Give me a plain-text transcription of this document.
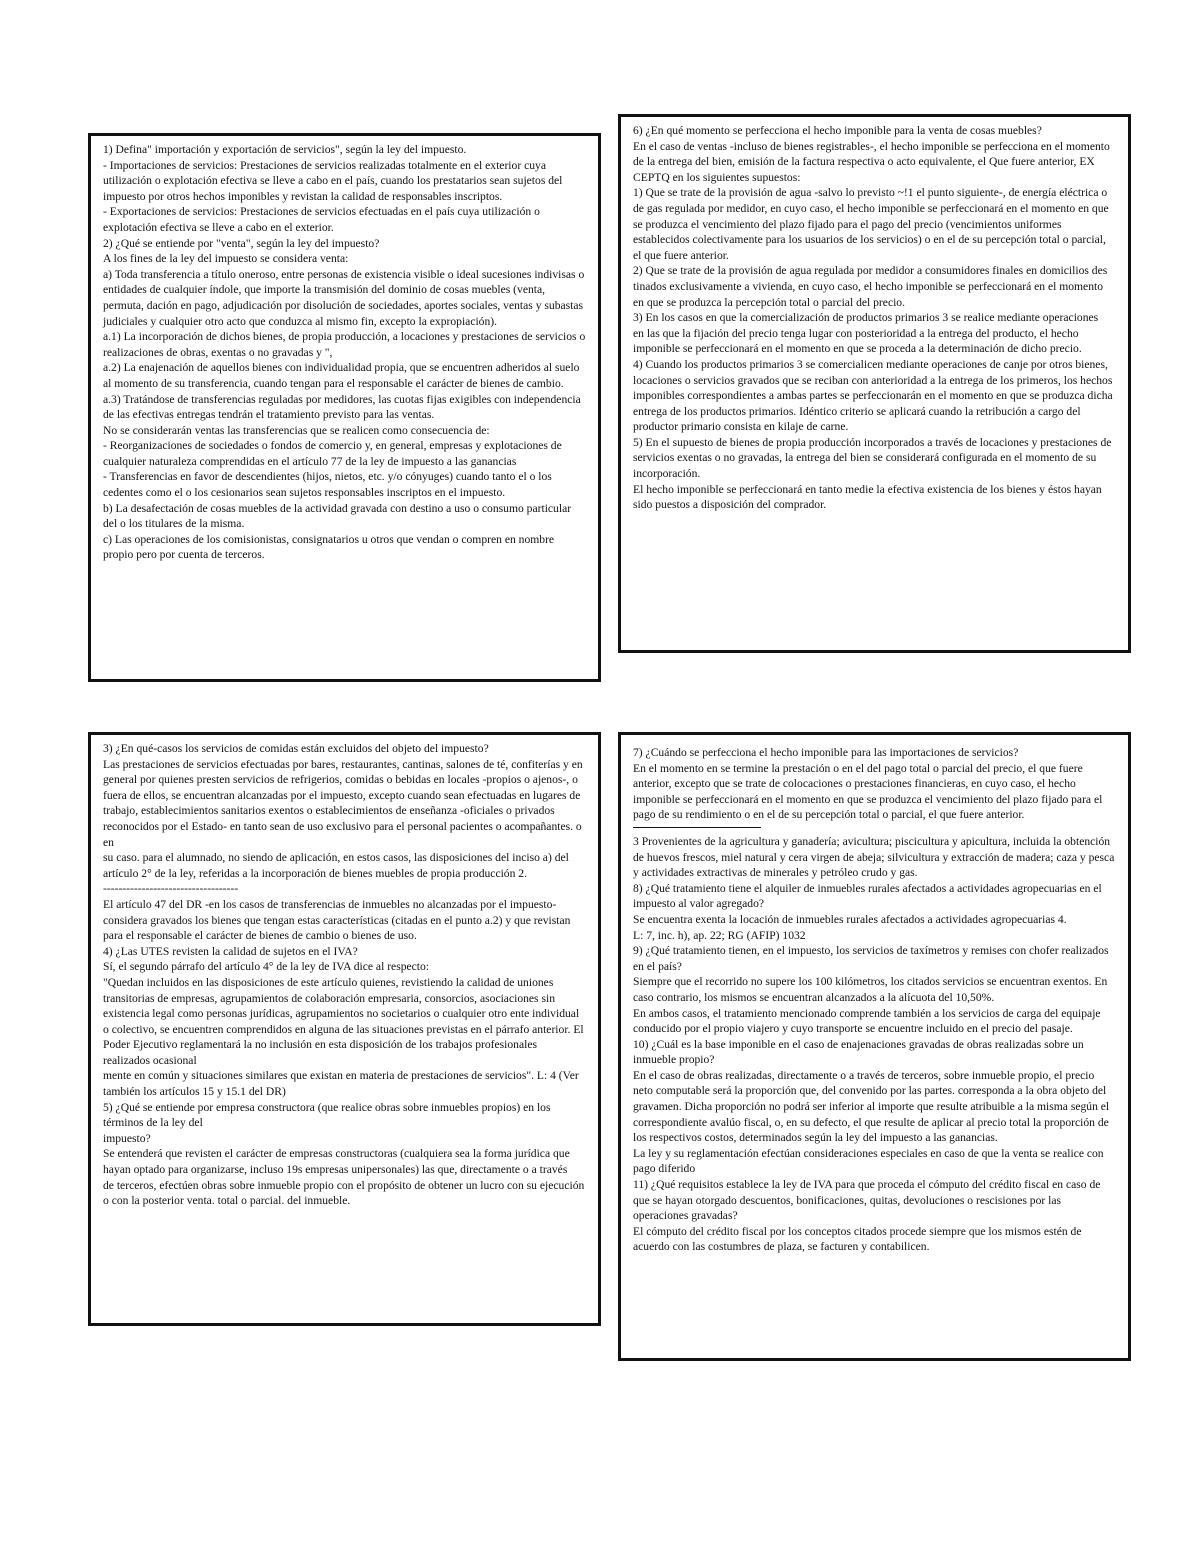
1) Defina" importación y exportación de servicios", según la ley del impuesto.

- Importaciones de servicios: Prestaciones de servicios realizadas totalmente en el exterior cuya utilización o explotación efectiva se lleve a cabo en el país, cuando los prestatarios sean sujetos del impuesto por otros hechos imponibles y revistan la calidad de responsables inscriptos.

- Exportaciones de servicios: Prestaciones de servicios efectuadas en el país cuya utilización o explotación efectiva se lleve a cabo en el exterior.

2) ¿Qué se entiende por "venta", según la ley del impuesto?

A los fines de la ley del impuesto se considera venta:

a) Toda transferencia a título oneroso, entre personas de existencia visible o ideal sucesiones indivisas o entidades de cualquier índole, que importe la transmisión del dominio de cosas muebles (venta, permuta, dación en pago, adjudicación por disolución de sociedades, aportes sociales, ventas y subastas judiciales y cualquier otro acto que conduzca al mismo fin, excepto la expropiación).

a.1) La incorporación de dichos bienes, de propia producción, a locaciones y prestaciones de servicios o realizaciones de obras, exentas o no gravadas y ",

a.2) La enajenación de aquellos bienes con individualidad propia, que se encuentren adheridos al suelo al momento de su transferencia, cuando tengan para el responsable el carácter de bienes de cambio.

a.3) Tratándose de transferencias reguladas por medidores, las cuotas fijas exigibles con independencia de las efectivas entregas tendrán el tratamiento previsto para las ventas.

No se considerarán ventas las transferencias que se realicen como consecuencia de:

- Reorganizaciones de sociedades o fondos de comercio y, en general, empresas y explotaciones de cualquier naturaleza comprendidas en el artículo 77 de la ley de impuesto a las ganancias

- Transferencias en favor de descendientes (hijos, nietos, etc. y/o cónyuges) cuando tanto el o los cedentes como el o los cesionarios sean sujetos responsables inscriptos en el impuesto.

b) La desafectación de cosas muebles de la actividad gravada con destino a uso o consumo particular del o los titulares de la misma.

c) Las operaciones de los comisionistas, consignatarios u otros que vendan o compren en nombre propio pero por cuenta de terceros.

6) ¿En qué momento se perfecciona el hecho imponible para la venta de cosas muebles?

En el caso de ventas -incluso de bienes registrables-, el hecho imponible se perfecciona en el momento de la entrega del bien, emisión de la factura respectiva o acto equivalente, el Que fuere anterior, EX

CEPTQ en los siguientes supuestos:

1) Que se trate de la provisión de agua -salvo lo previsto ~!1 el punto siguiente-, de energía eléctrica o de gas regulada por medidor, en cuyo caso, el hecho imponible se perfeccionará en el momento en que se produzca el vencimiento del plazo fijado para el pago del precio (vencimientos uniformes establecidos colectivamente para los usuarios de los servicios) o en el de su percepción total o parcial, el que fuere anterior.

2) Que se trate de la provisión de agua regulada por medidor a consumidores finales en domicilios des
tinados exclusivamente a vivienda, en cuyo caso, el hecho imponible se perfeccionará en el momento
en que se produzca la percepción total o parcial del precio.

3) En los casos en que la comercialización de productos primarios 3 se realice mediante operaciones
en las que la fijación del precio tenga lugar con posterioridad a la entrega del producto, el hecho imponible se perfeccionará en el momento en que se proceda a la determinación de dicho precio.

4) Cuando los productos primarios 3 se comercialicen mediante operaciones de canje por otros bienes, locaciones o servicios gravados que se reciban con anterioridad a la entrega de los primeros, los hechos imponibles correspondientes a ambas partes se perfeccionarán en el momento en que se produzca dicha entrega de los productos primarios. Idéntico criterio se aplicará cuando la retribución a cargo del productor primario consista en kilaje de carne.

5) En el supuesto de bienes de propia producción incorporados a través de locaciones y prestaciones de servicios exentas o no gravadas, la entrega del bien se considerará configurada en el momento de su incorporación.

El hecho imponible se perfeccionará en tanto medie la efectiva existencia de los bienes y éstos hayan sido puestos a disposición del comprador.

3) ¿En qué-casos los servicios de comidas están excluidos del objeto del impuesto?

Las prestaciones de servicios efectuadas por bares, restaurantes, cantinas, salones de té, confiterías y en general por quienes presten servicios de refrigerios, comidas o bebidas en locales -propios o ajenos-, o fuera de ellos, se encuentran alcanzadas por el impuesto, excepto cuando sean efectuadas en lugares de trabajo, establecimientos sanitarios exentos o establecimientos de enseñanza -oficiales o privados reconocidos por el Estado- en tanto sean de uso exclusivo para el personal pacientes o acompañantes. o en
su caso. para el alumnado, no siendo de aplicación, en estos casos, las disposiciones del inciso a) del artículo 2° de la ley, referidas a la incorporación de bienes muebles de propia producción 2.

-----------------------------------

El artículo 47 del DR -en los casos de transferencias de inmuebles no alcanzadas por el impuesto- considera gravados los bienes que tengan estas características (citadas en el punto a.2) y que revistan para el responsable el carácter de bienes de cambio o bienes de uso.

4) ¿Las UTES revisten la calidad de sujetos en el IVA?

Sí, el segundo párrafo del artículo 4° de la ley de IVA dice al respecto:

"Quedan incluidos en las disposiciones de este artículo quienes, revistiendo la calidad de uniones transitorias de empresas, agrupamientos de colaboración empresaria, consorcios, asociaciones sin existencia legal como personas jurídicas, agrupamientos no societarios o cualquier otro ente individual o colectivo, se encuentren comprendidos en alguna de las situaciones previstas en el párrafo anterior. El Poder Ejecutivo reglamentará la no inclusión en esta disposición de los trabajos profesionales realizados ocasional
mente en común y situaciones similares que existan en materia de prestaciones de servicios". L: 4 (Ver también los artículos 15 y 15.1 del DR)

5) ¿Qué se entiende por empresa constructora (que realice obras sobre inmuebles propios) en los términos de la ley del
impuesto?

Se entenderá que revisten el carácter de empresas constructoras (cualquiera sea la forma jurídica que
hayan optado para organizarse, incluso 19s empresas unipersonales) las que, directamente o a través
de terceros, efectúen obras sobre inmueble propio con el propósito de obtener un lucro con su ejecución o con la posterior venta. total o parcial. del inmueble.

7) ¿Cuándo se perfecciona el hecho imponible para las importaciones de servicios?

En el momento en se termine la prestación o en el del pago total o parcial del precio, el que fuere anterior, excepto que se trate de colocaciones o prestaciones financieras, en cuyo caso, el hecho imponible se perfeccionará en el momento en que se produzca el vencimiento del plazo fijado para el pago de su rendimiento o en el de su percepción total o parcial, el que fuere anterior.

3 Provenientes de la agricultura y ganadería; avicultura; piscicultura y apicultura, incluida la obtención de huevos frescos, miel natural y cera virgen de abeja; silvicultura y extracción de madera; caza y pesca y actividades extractivas de minerales y petróleo crudo y gas.

8) ¿Qué tratamiento tiene el alquiler de inmuebles rurales afectados a actividades agropecuarias en el impuesto al valor agregado?

Se encuentra exenta la locación de inmuebles rurales afectados a actividades agropecuarias 4.

L: 7, inc. h), ap. 22; RG (AFIP) 1032

9) ¿Qué tratamiento tienen, en el impuesto, los servicios de taxímetros y remises con chofer realizados en el país?

Siempre que el recorrido no supere los 100 kilómetros, los citados servicios se encuentran exentos. En caso contrario, los mismos se encuentran alcanzados a la alícuota del 10,50%.

En ambos casos, el tratamiento mencionado comprende también a los servicios de carga del equipaje conducido por el propio viajero y cuyo transporte se encuentre incluido en el precio del pasaje.

10) ¿Cuál es la base imponible en el caso de enajenaciones gravadas de obras realizadas sobre un inmueble propio?

En el caso de obras realizadas, directamente o a través de terceros, sobre inmueble propio, el precio neto computable será la proporción que, del convenido por las partes. corresponda a la obra objeto del gravamen. Dicha proporción no podrá ser inferior al importe que resulte atribuible a la misma según el correspondiente avalúo fiscal, o, en su defecto, el que resulte de aplicar al precio total la proporción de los respectivos costos, determinados según la ley del impuesto a las ganancias.

La ley y su reglamentación efectúan consideraciones especiales en caso de que la venta se realice con pago diferido

11) ¿Qué requisitos establece la ley de IVA para que proceda el cómputo del crédito fiscal en caso de que se hayan otorgado descuentos, bonificaciones, quitas, devoluciones o rescisiones por las operaciones gravadas?

El cómputo del crédito fiscal por los conceptos citados procede siempre que los mismos estén de acuerdo con las costumbres de plaza, se facturen y contabilicen.
